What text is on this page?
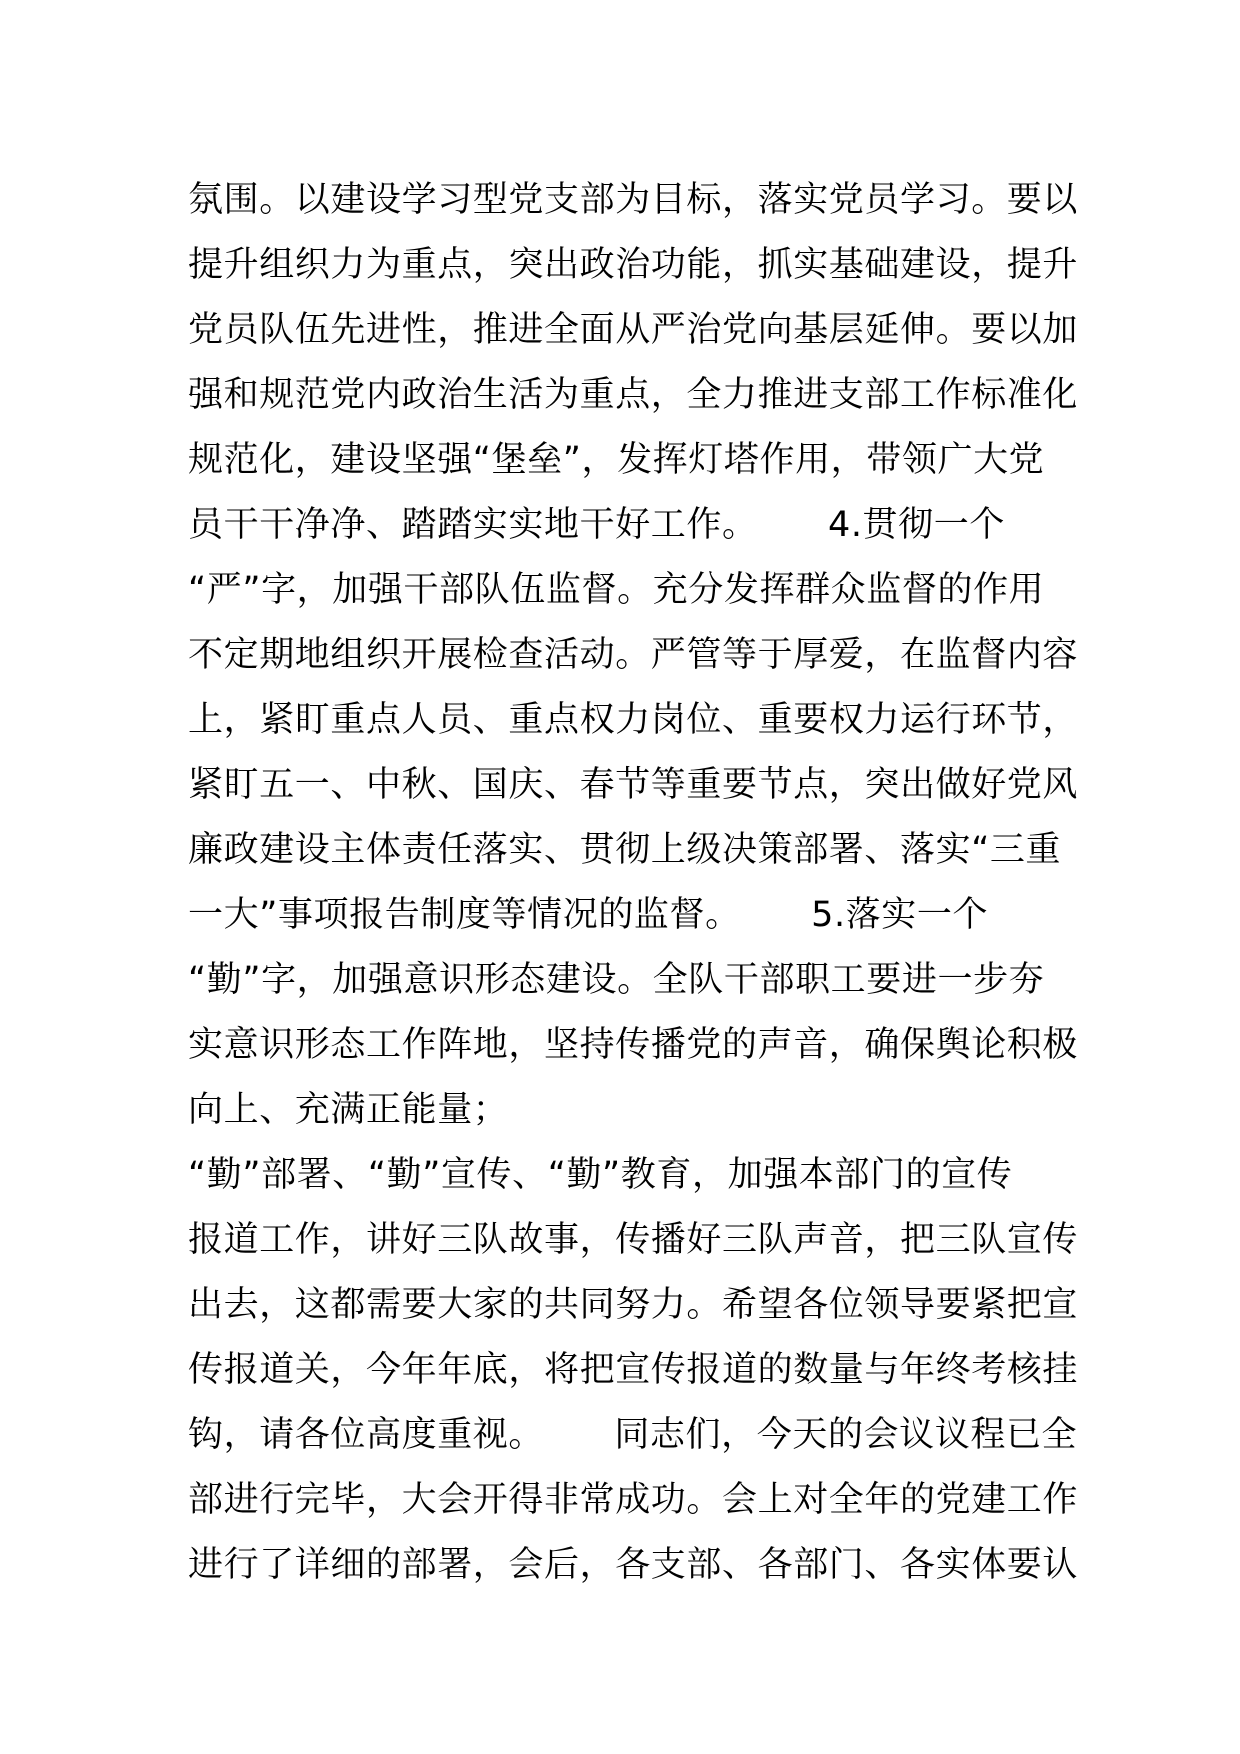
氛围。以建设学习型党支部为目标，落实党员学习。要以
提升组织力为重点，突出政治功能，抓实基础建设，提升
党员队伍先进性，推进全面从严治党向基层延伸。要以加
强和规范党内政治生活为重点，全力推进支部工作标准化
规范化，建设坚强“堡垒”，发挥灯塔作用，带领广大党
员干干净净、踏踏实实地干好工作。      4.贯彻一个
“严”字，加强干部队伍监督。充分发挥群众监督的作用
不定期地组织开展检查活动。严管等于厚爱，在监督内容
上，紧盯重点人员、重点权力岗位、重要权力运行环节，
紧盯五一、中秋、国庆、春节等重要节点，突出做好党风
廉政建设主体责任落实、贯彻上级决策部署、落实“三重
一大”事项报告制度等情况的监督。      5.落实一个
“勤”字，加强意识形态建设。全队干部职工要进一步夯
实意识形态工作阵地，坚持传播党的声音，确保舆论积极
向上、充满正能量；
“勤”部署、“勤”宣传、“勤”教育，加强本部门的宣传
报道工作，讲好三队故事，传播好三队声音，把三队宣传
出去，这都需要大家的共同努力。希望各位领导要紧把宣
传报道关，今年年底，将把宣传报道的数量与年终考核挂
钩，请各位高度重视。      同志们，今天的会议议程已全
部进行完毕，大会开得非常成功。会上对全年的党建工作
进行了详细的部署，会后，各支部、各部门、各实体要认
